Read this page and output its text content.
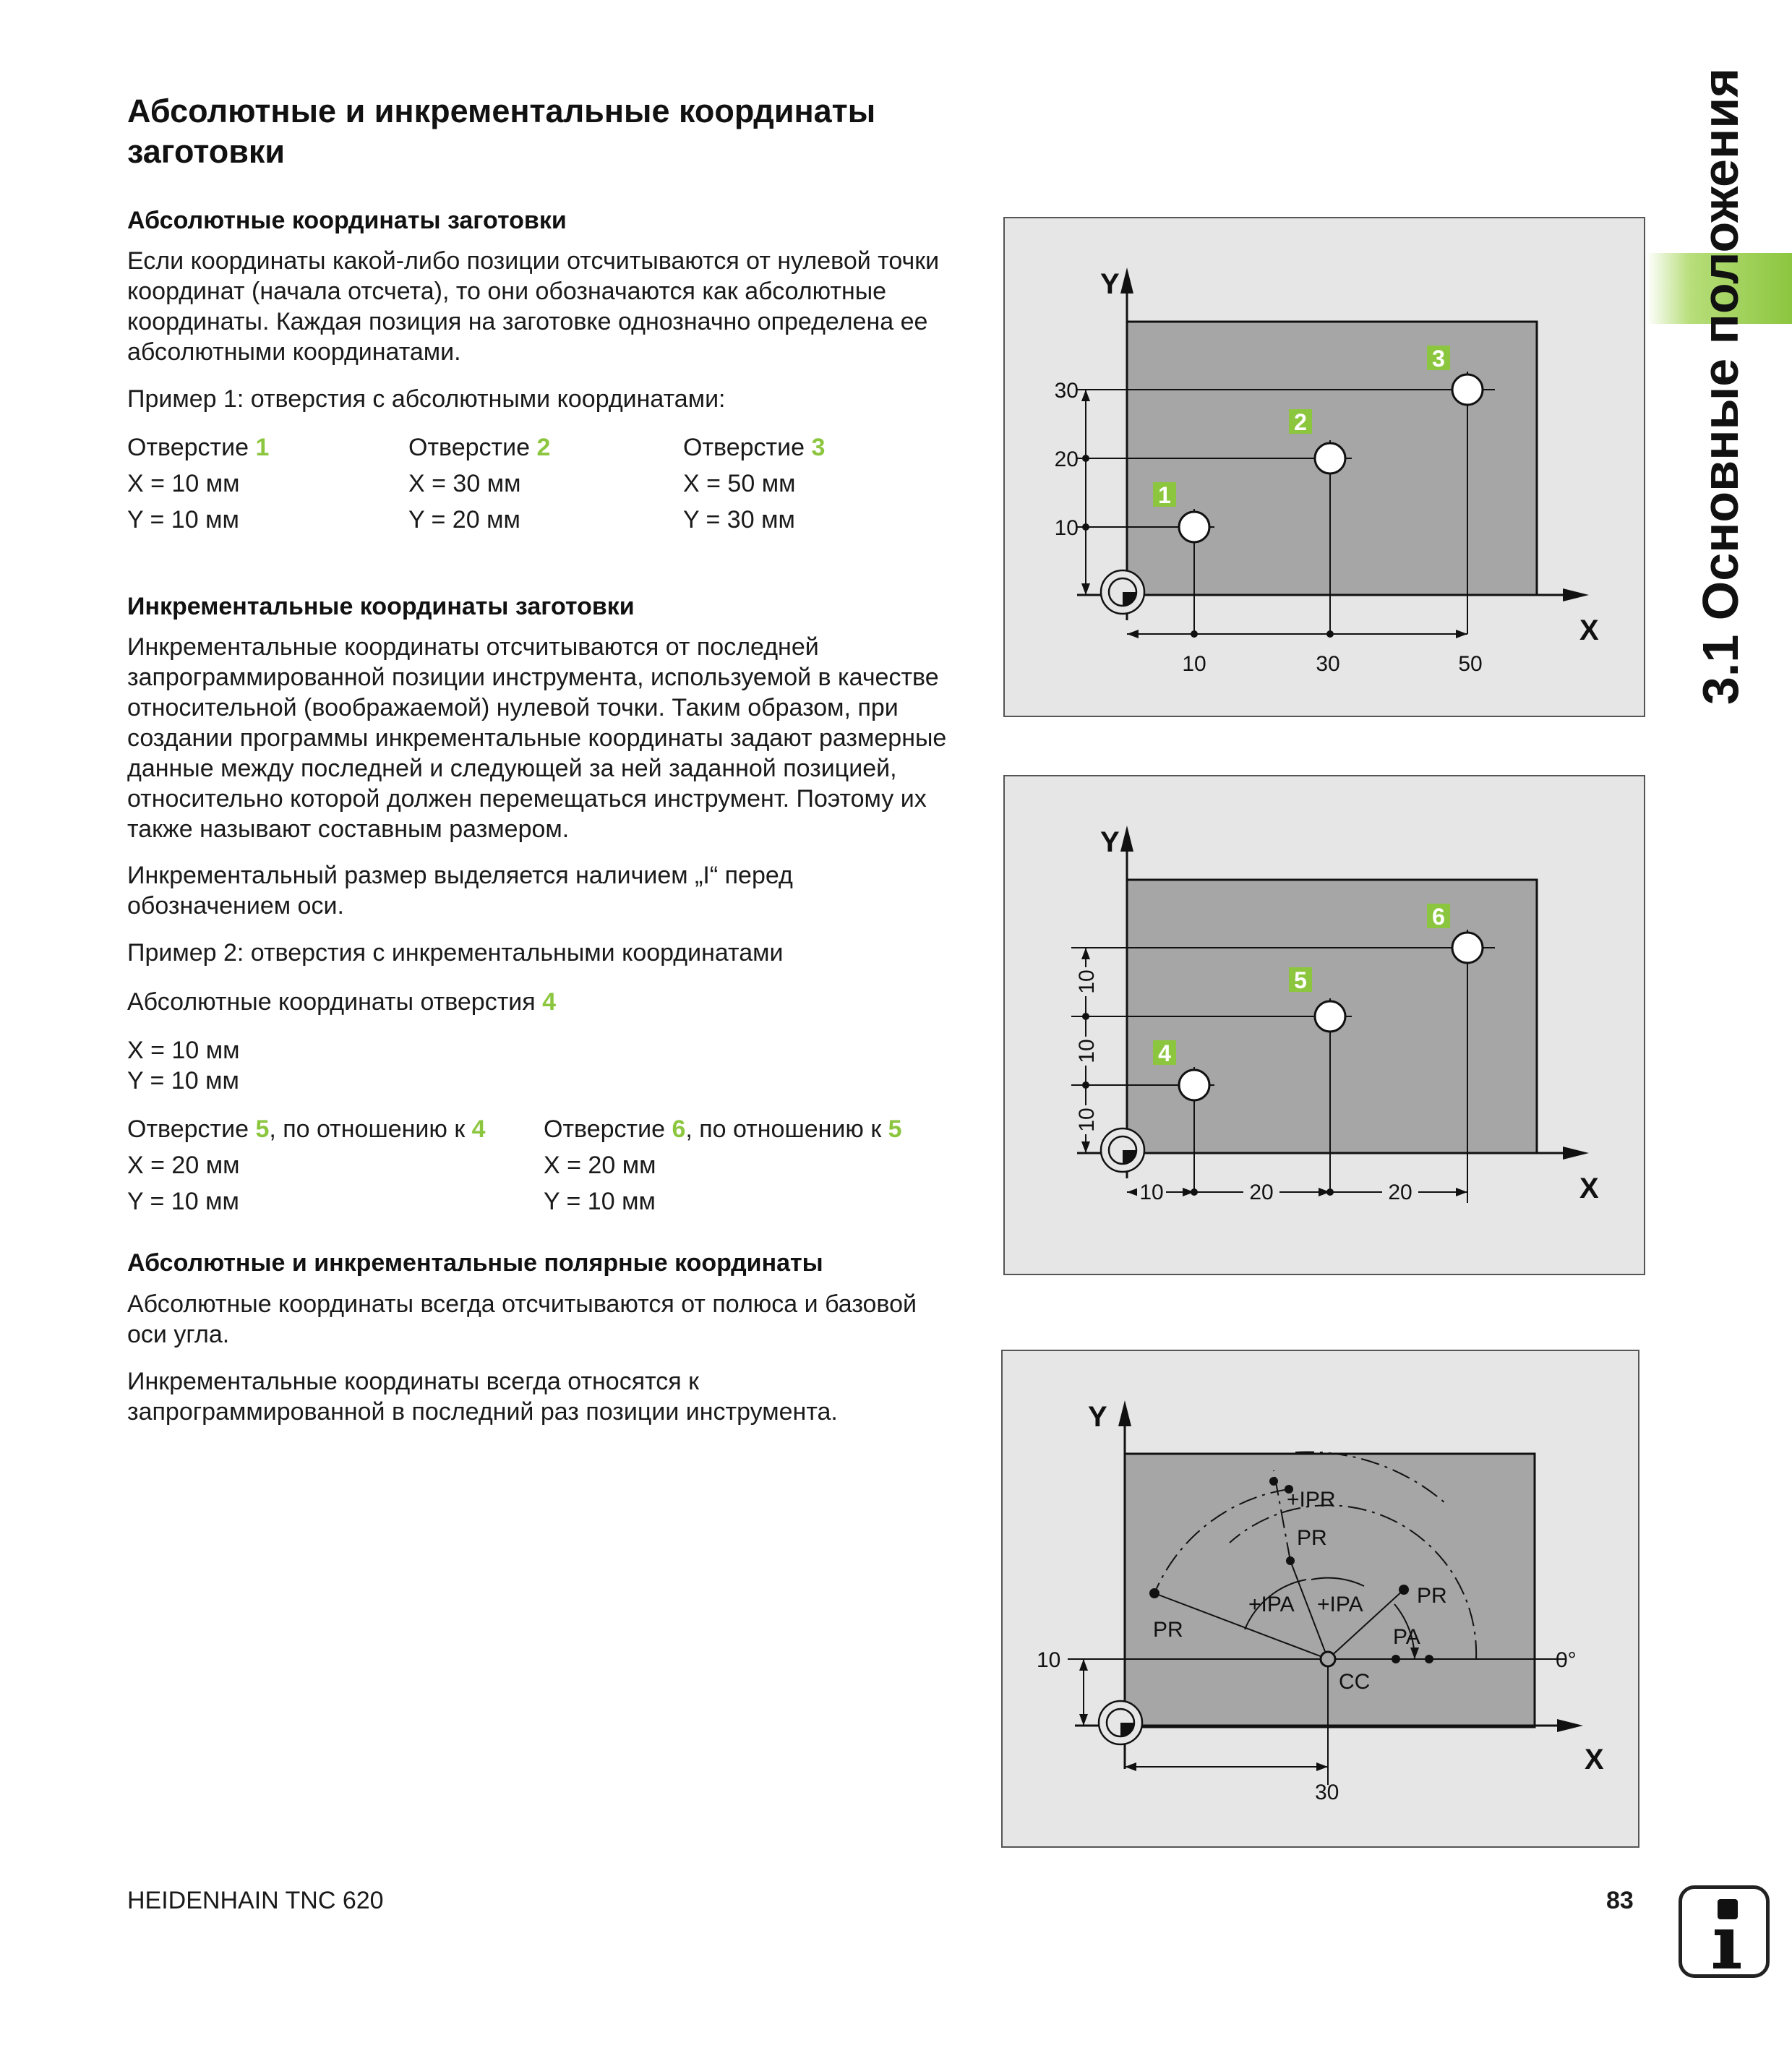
Абсолютные и инкрементальные координаты заготовки
Абсолютные координаты заготовки
Если координаты какой-либо позиции отсчитываются от нулевой точки координат (начала отсчета), то они обозначаются как абсолютные координаты. Каждая позиция на заготовке однозначно определена ее абсолютными координатами.
Пример 1: отверстия с абсолютными координатами:
Отверстие 1
X = 10 мм
Y = 10 мм
Отверстие 2
X = 30 мм
Y = 20 мм
Отверстие 3
X = 50 мм
Y = 30 мм
Инкрементальные координаты заготовки
Инкрементальные координаты отсчитываются от последней запрограммированной позиции инструмента, используемой в качестве относительной (воображаемой) нулевой точки. Таким образом, при создании программы инкрементальные координаты задают размерные данные между последней и следующей за ней заданной позицией, относительно которой должен перемещаться инструмент. Поэтому их также называют составным размером.
Инкрементальный размер выделяется наличием „I“ перед обозначением оси.
Пример 2: отверстия с инкрементальными координатами
Абсолютные координаты отверстия 4
X = 10 мм
Y = 10 мм
Отверстие 5, по отношению к 4
X = 20 мм
Y = 10 мм
Отверстие 6, по отношению к 5
X = 20 мм
Y = 10 мм
Абсолютные и инкрементальные полярные координаты
Абсолютные координаты всегда отсчитываются от полюса и базовой оси угла.
Инкрементальные координаты всегда относятся к запрограммированной в последний раз позиции инструмента.
1
2
3
30
20
10
10	30	50
Y
X
4
5
6
10
10
10
10	20	20
Y
X
+IPR
PR
+IPA +IPA
PR
PR
PA
CC
0°
10
30
Y
X
3.1 Основные положения
HEIDENHAIN TNC 620	83
